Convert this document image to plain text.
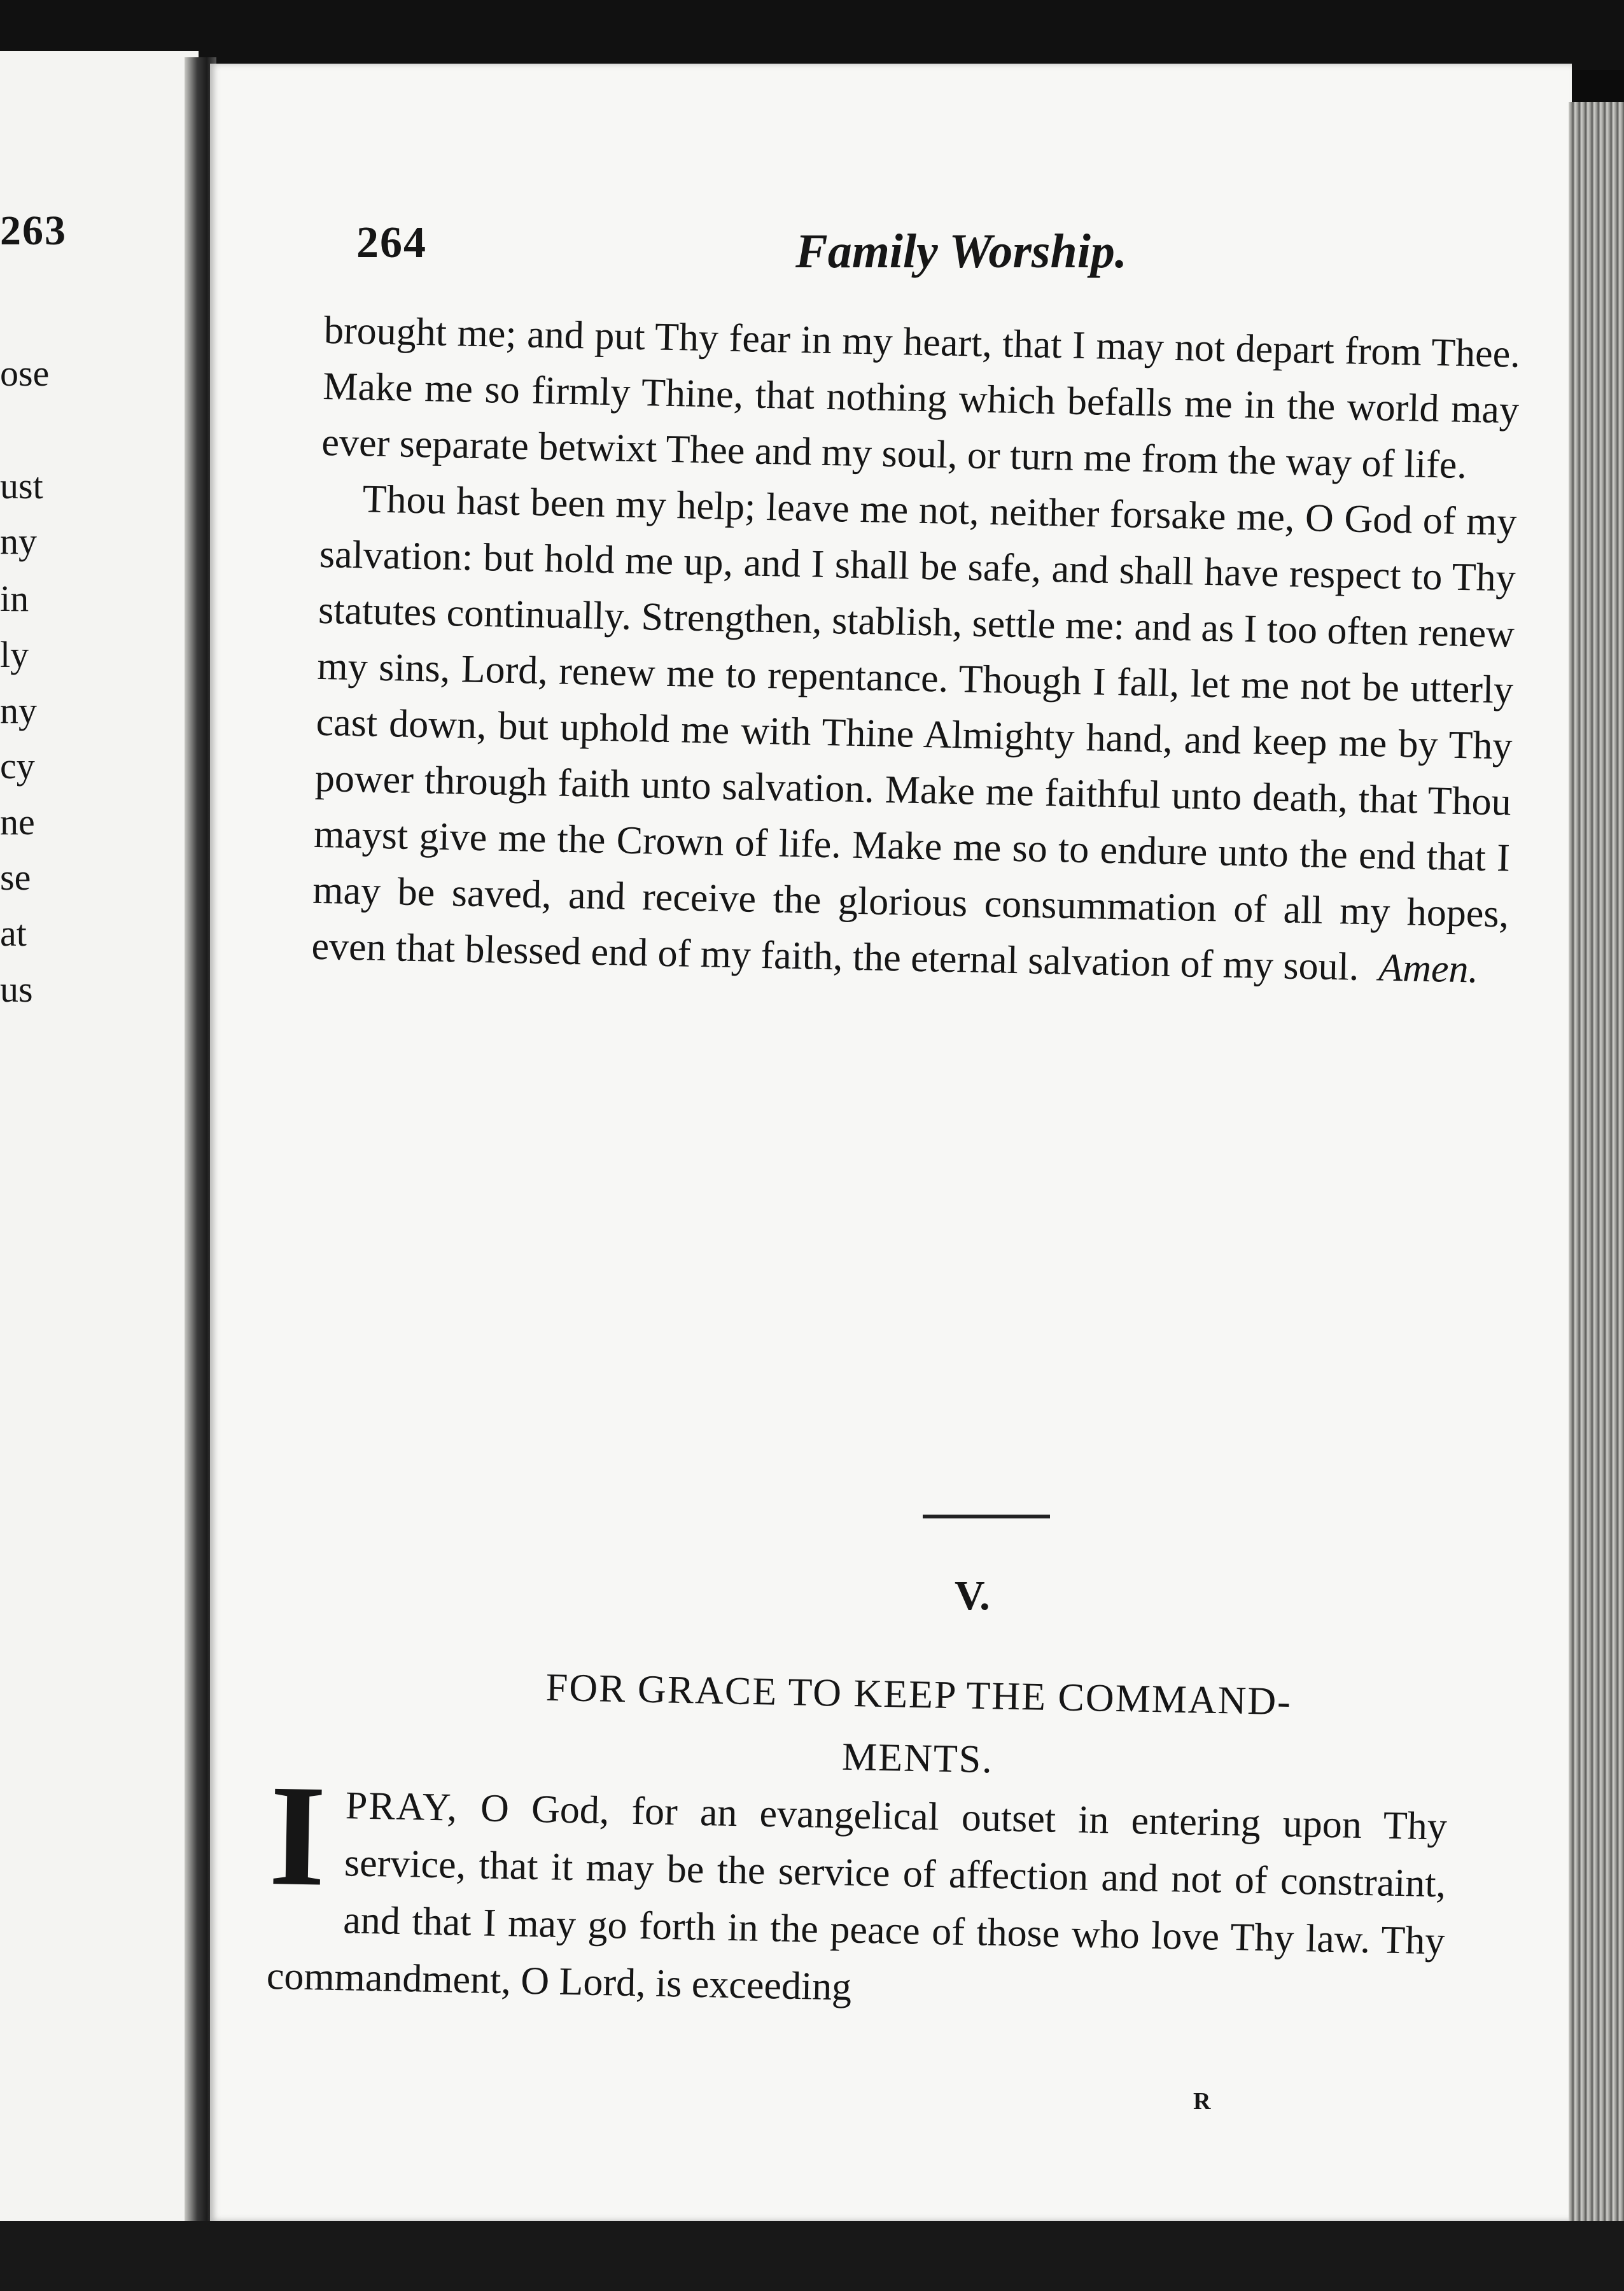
263
ose
ust
ny
in
ly
ny
cy
ne
se
at
us
264	Family Worship.

brought me; and put Thy fear in my heart, that I may not depart from Thee. Make me so firmly Thine, that nothing which befalls me in the world may ever separate betwixt Thee and my soul, or turn me from the way of life.

Thou hast been my help; leave me not, neither forsake me, O God of my salvation: but hold me up, and I shall be safe, and shall have respect to Thy statutes continually. Strengthen, stablish, settle me: and as I too often renew my sins, Lord, renew me to repentance. Though I fall, let me not be utterly cast down, but uphold me with Thine Almighty hand, and keep me by Thy power through faith unto salvation. Make me faithful unto death, that Thou mayst give me the Crown of life. Make me so to endure unto the end that I may be saved, and receive the glorious consummation of all my hopes, even that blessed end of my faith, the eternal salvation of my soul. Amen.

V.
FOR GRACE TO KEEP THE COMMAND-
MENTS.
I PRAY, O God, for an evangelical outset in entering upon Thy service, that it may be the service of affection and not of constraint, and that I may go forth in the peace of those who love Thy law. Thy commandment, O Lord, is exceeding
R
